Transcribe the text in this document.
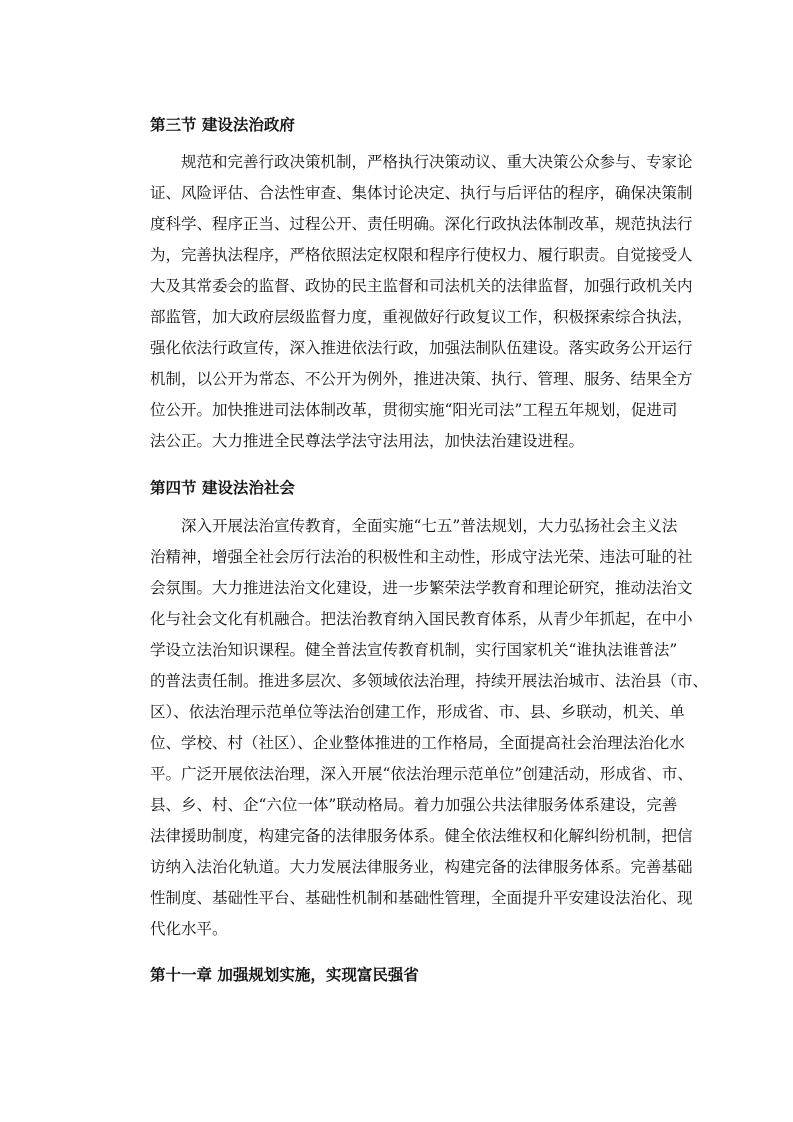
第三节 建设法治政府
规范和完善行政决策机制，严格执行决策动议、重大决策公众参与、专家论
证、风险评估、合法性审查、集体讨论决定、执行与后评估的程序，确保决策制
度科学、程序正当、过程公开、责任明确。深化行政执法体制改革，规范执法行
为，完善执法程序，严格依照法定权限和程序行使权力、履行职责。自觉接受人
大及其常委会的监督、政协的民主监督和司法机关的法律监督，加强行政机关内
部监管，加大政府层级监督力度，重视做好行政复议工作，积极探索综合执法，
强化依法行政宣传，深入推进依法行政，加强法制队伍建设。落实政务公开运行
机制，以公开为常态、不公开为例外，推进决策、执行、管理、服务、结果全方
位公开。加快推进司法体制改革，贯彻实施“阳光司法”工程五年规划，促进司
法公正。大力推进全民尊法学法守法用法，加快法治建设进程。
第四节 建设法治社会
深入开展法治宣传教育，全面实施“七五”普法规划，大力弘扬社会主义法
治精神，增强全社会厉行法治的积极性和主动性，形成守法光荣、违法可耻的社
会氛围。大力推进法治文化建设，进一步繁荣法学教育和理论研究，推动法治文
化与社会文化有机融合。把法治教育纳入国民教育体系，从青少年抓起，在中小
学设立法治知识课程。健全普法宣传教育机制，实行国家机关“谁执法谁普法”
的普法责任制。推进多层次、多领域依法治理，持续开展法治城市、法治县（市、
区）、依法治理示范单位等法治创建工作，形成省、市、县、乡联动，机关、单
位、学校、村（社区）、企业整体推进的工作格局，全面提高社会治理法治化水
平。广泛开展依法治理，深入开展“依法治理示范单位”创建活动，形成省、市、
县、乡、村、企“六位一体”联动格局。着力加强公共法律服务体系建设，完善
法律援助制度，构建完备的法律服务体系。健全依法维权和化解纠纷机制，把信
访纳入法治化轨道。大力发展法律服务业，构建完备的法律服务体系。完善基础
性制度、基础性平台、基础性机制和基础性管理，全面提升平安建设法治化、现
代化水平。
第十一章 加强规划实施，实现富民强省
